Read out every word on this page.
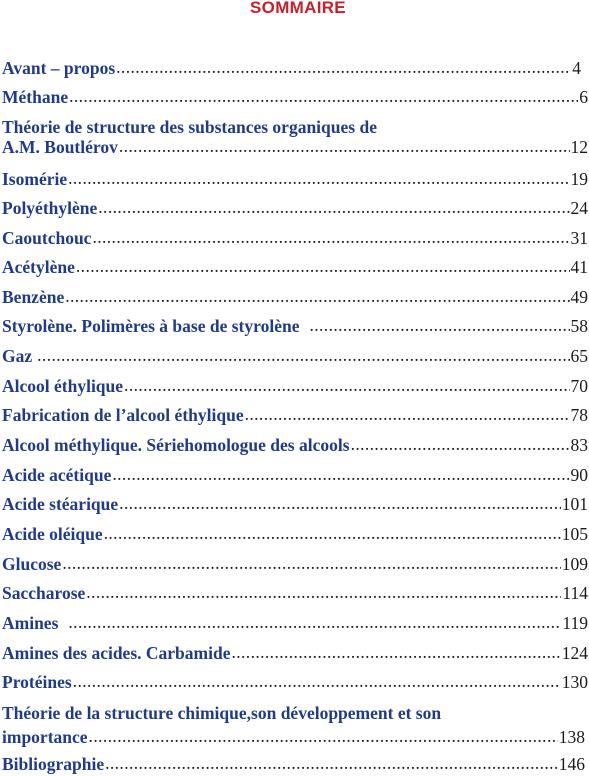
SOMMAIRE
Avant – propos .....	4
Méthane .....	6
Théorie de structure des substances organiques de
A.M. Boutlérov .....	12
Isomérie .....	19
Polyéthylène .....	24
Caoutchouc .....	31
Acétylène .....	41
Benzène .....	49
Styrolène. Polimères à base de styrolène .....	58
Gaz .....	65
Alcool éthylique .....	70
Fabrication de l’alcool éthylique .....	78
Alcool méthylique. Sériehomologue des alcools .....	83
Acide acétique .....	90
Acide stéarique .....	101
Acide oléique .....	105
Glucose .....	109
Saccharose .....	114
Amines .....	119
Amines des acides. Carbamide .....	124
Protéines .....	130
Théorie de la structure chimique,son développement et son
importance .....	138
Bibliographie .....	146
